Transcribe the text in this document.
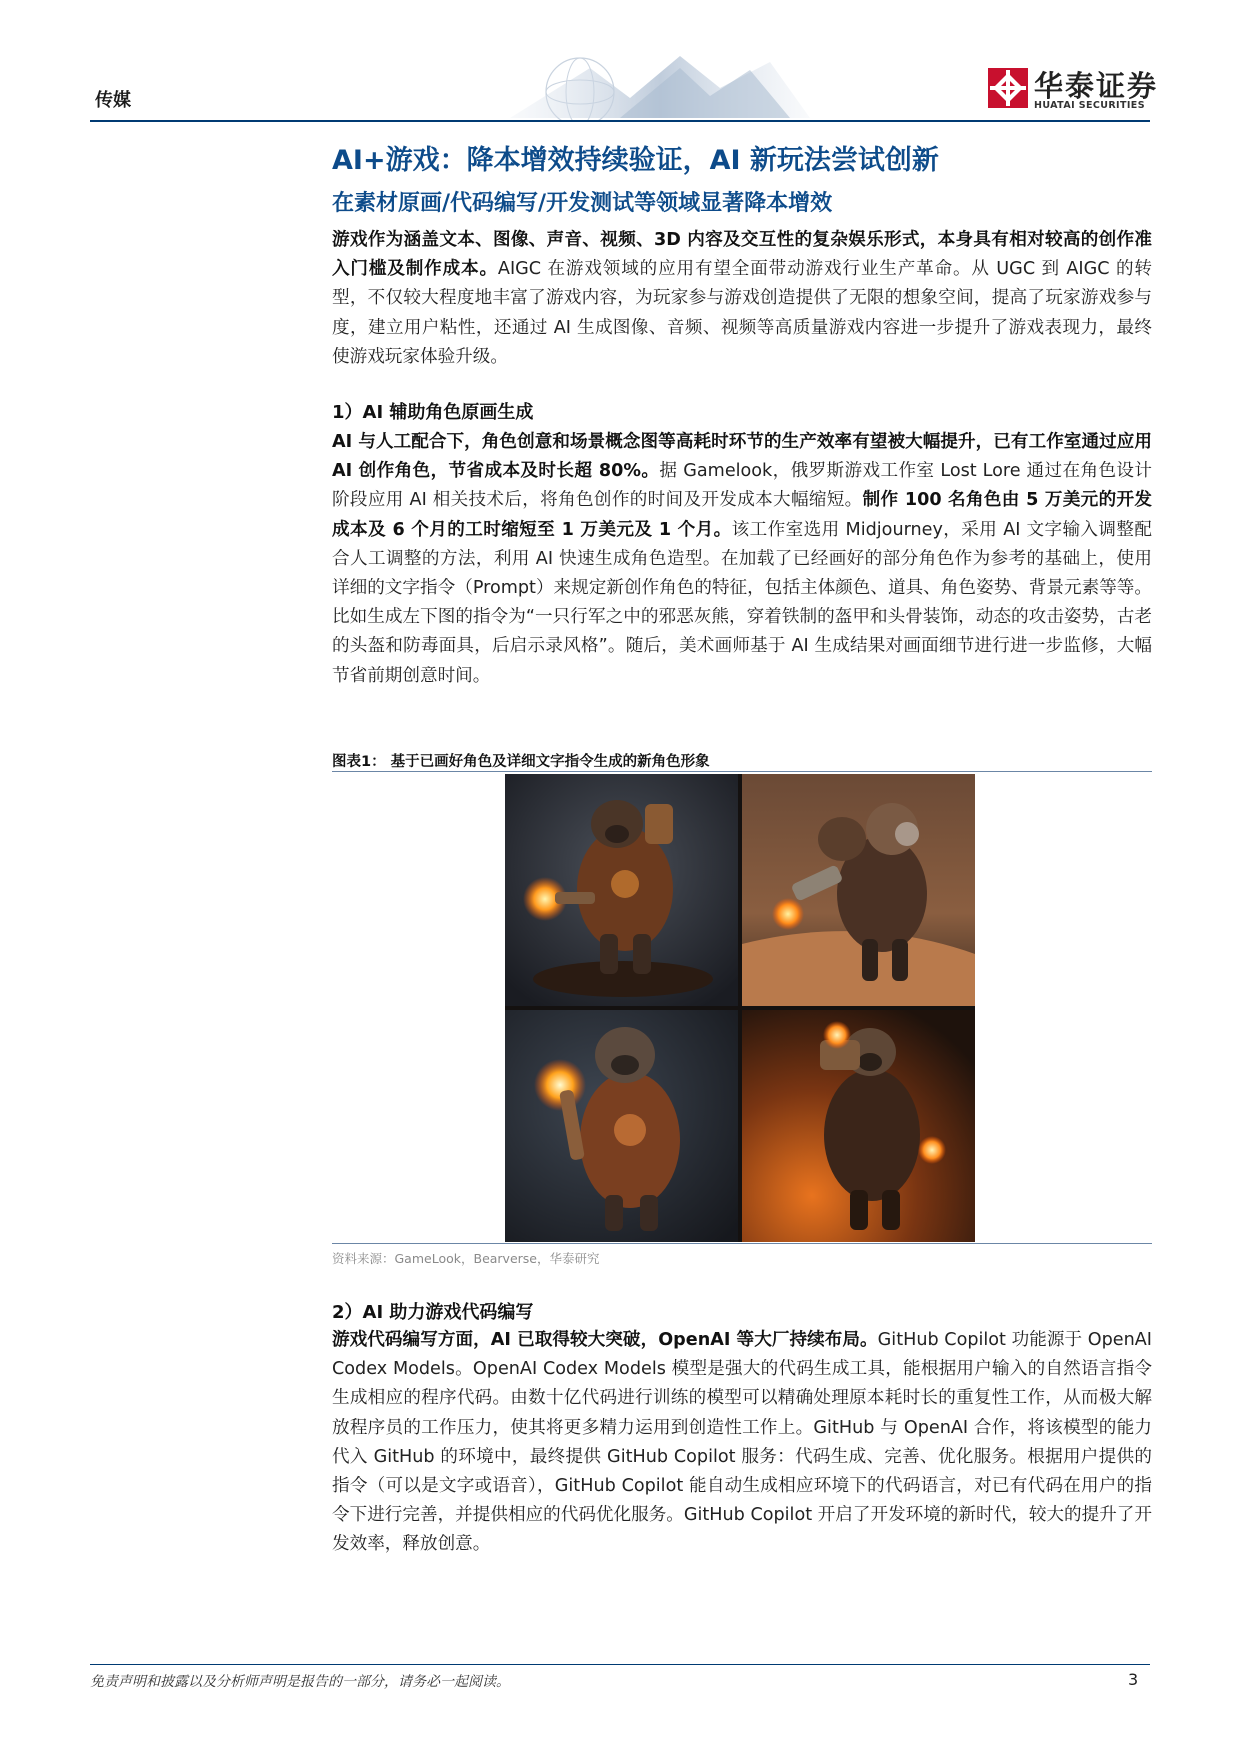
传媒	华泰证券
HUATAI SECURITIES
AI+游戏：降本增效持续验证，AI 新玩法尝试创新
在素材原画/代码编写/开发测试等领域显著降本增效
游戏作为涵盖文本、图像、声音、视频、3D 内容及交互性的复杂娱乐形式，本身具有相对较高的创作准入门槛及制作成本。AIGC 在游戏领域的应用有望全面带动游戏行业生产革命。从 UGC 到 AIGC 的转型，不仅较大程度地丰富了游戏内容，为玩家参与游戏创造提供了无限的想象空间，提高了玩家游戏参与度，建立用户粘性，还通过 AI 生成图像、音频、视频等高质量游戏内容进一步提升了游戏表现力，最终使游戏玩家体验升级。
1）AI 辅助角色原画生成
AI 与人工配合下，角色创意和场景概念图等高耗时环节的生产效率有望被大幅提升，已有工作室通过应用 AI 创作角色，节省成本及时长超 80%。据 Gamelook，俄罗斯游戏工作室 Lost Lore 通过在角色设计阶段应用 AI 相关技术后，将角色创作的时间及开发成本大幅缩短。制作 100 名角色由 5 万美元的开发成本及 6 个月的工时缩短至 1 万美元及 1 个月。该工作室选用 Midjourney，采用 AI 文字输入调整配合人工调整的方法，利用 AI 快速生成角色造型。在加载了已经画好的部分角色作为参考的基础上，使用详细的文字指令（Prompt）来规定新创作角色的特征，包括主体颜色、道具、角色姿势、背景元素等等。比如生成左下图的指令为“一只行军之中的邪恶灰熊，穿着铁制的盔甲和头骨装饰，动态的攻击姿势，古老的头盔和防毒面具，后启示录风格”。随后，美术画师基于 AI 生成结果对画面细节进行进一步监修，大幅节省前期创意时间。
图表1： 基于已画好角色及详细文字指令生成的新角色形象
资料来源：GameLook，Bearverse，华泰研究
2）AI 助力游戏代码编写
游戏代码编写方面，AI 已取得较大突破，OpenAI 等大厂持续布局。GitHub Copilot 功能源于 OpenAI Codex Models。OpenAI Codex Models 模型是强大的代码生成工具，能根据用户输入的自然语言指令生成相应的程序代码。由数十亿代码进行训练的模型可以精确处理原本耗时长的重复性工作，从而极大解放程序员的工作压力，使其将更多精力运用到创造性工作上。GitHub 与 OpenAI 合作，将该模型的能力代入 GitHub 的环境中，最终提供 GitHub Copilot 服务：代码生成、完善、优化服务。根据用户提供的指令（可以是文字或语音），GitHub Copilot 能自动生成相应环境下的代码语言，对已有代码在用户的指令下进行完善，并提供相应的代码优化服务。GitHub Copilot 开启了开发环境的新时代，较大的提升了开发效率，释放创意。
免责声明和披露以及分析师声明是报告的一部分，请务必一起阅读。	3
